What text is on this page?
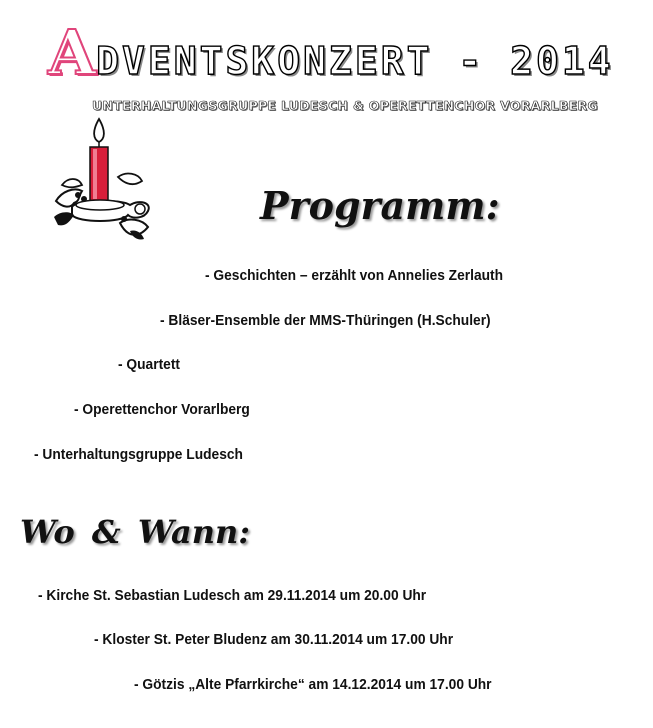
ADVENTSKONZERT - 2014
UNTERHALTUNGSGRUPPE LUDESCH & OPERETTENCHOR VORARLBERG
Programm:
- Geschichten – erzählt von Annelies Zerlauth
- Bläser-Ensemble der MMS-Thüringen (H.Schuler)
- Quartett
- Operettenchor Vorarlberg
- Unterhaltungsgruppe Ludesch
Wo & Wann:
- Kirche St. Sebastian Ludesch am 29.11.2014 um 20.00 Uhr
- Kloster St. Peter Bludenz am 30.11.2014 um 17.00 Uhr
- Götzis „Alte Pfarrkirche“ am 14.12.2014 um 17.00 Uhr
